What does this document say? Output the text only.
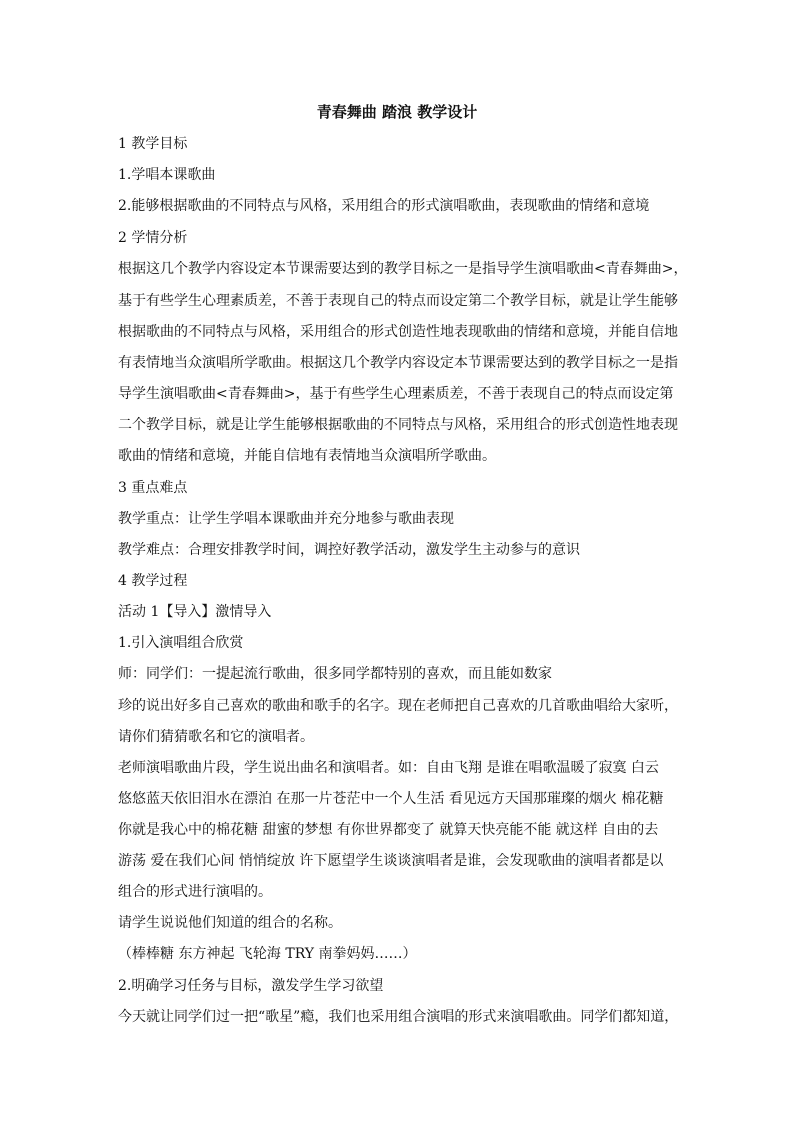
青春舞曲 踏浪 教学设计
1 教学目标
1.学唱本课歌曲
2.能够根据歌曲的不同特点与风格，采用组合的形式演唱歌曲，表现歌曲的情绪和意境
2 学情分析
根据这几个教学内容设定本节课需要达到的教学目标之一是指导学生演唱歌曲<青春舞曲>，
基于有些学生心理素质差，不善于表现自己的特点而设定第二个教学目标，就是让学生能够
根据歌曲的不同特点与风格，采用组合的形式创造性地表现歌曲的情绪和意境，并能自信地
有表情地当众演唱所学歌曲。根据这几个教学内容设定本节课需要达到的教学目标之一是指
导学生演唱歌曲<青春舞曲>，基于有些学生心理素质差，不善于表现自己的特点而设定第
二个教学目标，就是让学生能够根据歌曲的不同特点与风格，采用组合的形式创造性地表现
歌曲的情绪和意境，并能自信地有表情地当众演唱所学歌曲。
3 重点难点
教学重点：让学生学唱本课歌曲并充分地参与歌曲表现
教学难点：合理安排教学时间，调控好教学活动，激发学生主动参与的意识
4 教学过程
活动 1【导入】激情导入
1.引入演唱组合欣赏
师：同学们：一提起流行歌曲，很多同学都特别的喜欢，而且能如数家
珍的说出好多自己喜欢的歌曲和歌手的名字。现在老师把自己喜欢的几首歌曲唱给大家听，
请你们猜猜歌名和它的演唱者。
老师演唱歌曲片段，学生说出曲名和演唱者。如：自由飞翔 是谁在唱歌温暖了寂寞 白云
悠悠蓝天依旧泪水在漂泊 在那一片苍茫中一个人生活 看见远方天国那璀璨的烟火 棉花糖
你就是我心中的棉花糖 甜蜜的梦想 有你世界都变了 就算天快亮能不能 就这样 自由的去
游荡 爱在我们心间 悄悄绽放 许下愿望学生谈谈演唱者是谁，会发现歌曲的演唱者都是以
组合的形式进行演唱的。
请学生说说他们知道的组合的名称。
（棒棒糖 东方神起 飞轮海 TRY 南拳妈妈……）
2.明确学习任务与目标，激发学生学习欲望
今天就让同学们过一把“歌星”瘾，我们也采用组合演唱的形式来演唱歌曲。同学们都知道，
